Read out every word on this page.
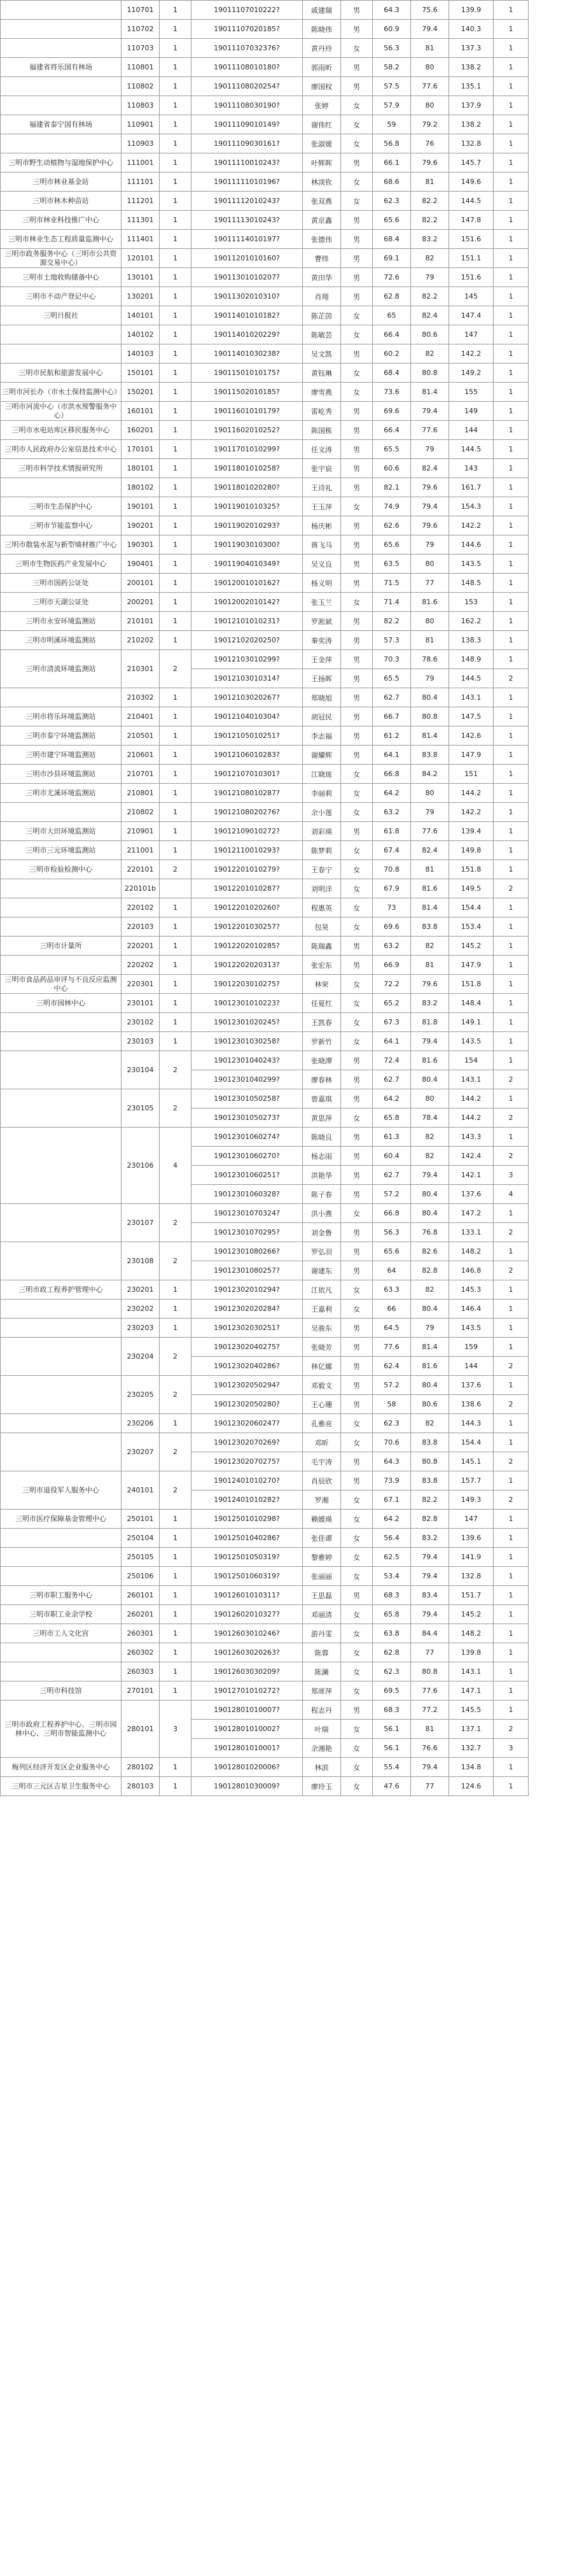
	110701	1	19011107010222?	戚建瑞	男	64.3	75.6	139.9	1
	110702	1	19011107020185?	陈晓伟	男	60.9	79.4	140.3	1
	110703	1	19011107032376?	黄丹玲	女	56.3	81	137.3	1
福建省将乐国有林场	110801	1	19011108010180?	郭雨昕	男	58.2	80	138.2	1
	110802	1	19011108020254?	廖国权	男	57.5	77.6	135.1	1
	110803	1	19011108030190?	张婷	女	57.9	80	137.9	1
福建省泰宁国有林场	110901	1	19011109010149?	谢伟红	女	59	79.2	138.2	1
	110903	1	19011109030161?	张淑媛	女	56.8	76	132.8	1
三明市野生动植物与湿地保护中心	111001	1	19011110010243?	叶辉晖	男	66.1	79.6	145.7	1
三明市林业基金站	111101	1	19011111010196?	林淡钦	女	68.6	81	149.6	1
三明市林木种苗站	111201	1	19011112010243?	张双燕	女	62.3	82.2	144.5	1
三明市林业科技推广中心	111301	1	19011113010243?	黄京鑫	男	65.6	82.2	147.8	1
三明市林业生态工程质量监测中心	111401	1	19011114010197?	张德伟	男	68.4	83.2	151.6	1
三明市政务服务中心（三明市公共资源交易中心）	120101	1	19011201010160?	曹炜	男	69.1	82	151.1	1
三明市土地收购储备中心	130101	1	19011301010207?	黄田华	男	72.6	79	151.6	1
三明市不动产登记中心	130201	1	19011302010310?	肖翔	男	62.8	82.2	145	1
三明日报社	140101	1	19011401010182?	陈芷茵	女	65	82.4	147.4	1
	140102	1	19011401020229?	陈敏芸	女	66.4	80.6	147	1
	140103	1	19011401030238?	吴文凯	男	60.2	82	142.2	1
三明市民航和旅游发展中心	150101	1	19011501010175?	黄钰琳	女	68.4	80.8	149.2	1
三明市河长办（市水土保持监测中心）	150201	1	19011502010185?	廖雪燕	女	73.6	81.4	155	1
三明市河流中心（市洪水预警服务中心）	160101	1	19011601010179?	雷屹秀	男	69.6	79.4	149	1
三明市水电站库区移民服务中心	160201	1	19011602010252?	陈国栋	男	66.4	77.6	144	1
三明市人民政府办公室信息技术中心	170101	1	19011701010299?	任文涛	男	65.5	79	144.5	1
三明市科学技术情报研究所	180101	1	19011801010258?	张宇宸	男	60.6	82.4	143	1
	180102	1	19011801020280?	王诗礼	男	82.1	79.6	161.7	1
三明市生态保护中心	190101	1	19011901010325?	王玉萍	女	74.9	79.4	154.3	1
三明市节能监察中心	190201	1	19011902010293?	杨庆彬	男	62.6	79.6	142.2	1
三明市散装水泥与新型墙材推广中心	190301	1	19011903010300?	蒋飞马	男	65.6	79	144.6	1
三明市生物医药产业发展中心	190401	1	19011904010349?	吴义良	男	63.5	80	143.5	1
三明市国药公证处	200101	1	19012001010162?	杨义明	男	71.5	77	148.5	1
三明市天湖公证处	200201	1	19012002010142?	张玉兰	女	71.4	81.6	153	1
三明市永安环境监测站	210101	1	19012101010231?	罗淞斌	男	82.2	80	162.2	1
三明市明溪环境监测站	210202	1	19012102020250?	秦奕涛	男	57.3	81	138.3	1
三明市清流环境监测站	210301	2	19012103010299?	王金萍	男	70.3	78.6	148.9	1
			19012103010314?	王扬晖	男	65.5	79	144.5	2
	210302	1	19012103020267?	郑晓旭	男	62.7	80.4	143.1	1
三明市将乐环境监测站	210401	1	19012104010304?	胡冠民	男	66.7	80.8	147.5	1
三明市泰宁环境监测站	210501	1	19012105010251?	李志福	男	61.2	81.4	142.6	1
三明市建宁环境监测站	210601	1	19012106010283?	谢耀辉	男	64.1	83.8	147.9	1
三明市沙县环境监测站	210701	1	19012107010301?	江晓珑	女	66.8	84.2	151	1
三明市尤溪环境监测站	210801	1	19012108010287?	李丽莉	女	64.2	80	144.2	1
	210802	1	19012108020276?	余小莲	女	63.2	79	142.2	1
三明市大田环境监测站	210901	1	19012109010272?	刘彩瑛	男	61.8	77.6	139.4	1
三明市三元环境监测站	211001	1	19012110010293?	陈梦莉	女	67.4	82.4	149.8	1
三明市检验检测中心	220101	2	19012201010279?	王春宁	女	70.8	81	151.8	1
	220101b		19012201010287?	刘明洋	女	67.9	81.6	149.5	2
	220102	1	19012201020260?	程惠英	女	73	81.4	154.4	1
	220103	1	19012201030257?	包昊	女	69.6	83.8	153.4	1
三明市计量所	220201	1	19012202010285?	陈瑞鑫	男	63.2	82	145.2	1
	220202	1	19012202020313?	张宏东	男	66.9	81	147.9	1
三明市食品药品审评与不良反应监测中心	220301	1	19012203010275?	林荣	女	72.2	79.6	151.8	1
三明市园林中心	230101	1	19012301010223?	任夏红	女	65.2	83.2	148.4	1
	230102	1	19012301020245?	王凯春	女	67.3	81.8	149.1	1
	230103	1	19012301030258?	罗新竹	女	64.1	79.4	143.5	1
	230104	2	19012301040243?	张晓潭	男	72.4	81.6	154	1
			19012301040299?	廖春林	男	62.7	80.4	143.1	2
	230105	2	19012301050258?	曾嘉琪	男	64.2	80	144.2	1
			19012301050273?	黄思萍	女	65.8	78.4	144.2	2
	230106	4	19012301060274?	陈晓良	男	61.3	82	143.3	1
			19012301060270?	杨志雨	男	60.4	82	142.4	2
			19012301060251?	洪艳华	男	62.7	79.4	142.1	3
			19012301060328?	陈子春	男	57.2	80.4	137.6	4
	230107	2	19012301070324?	洪小燕	女	66.8	80.4	147.2	1
			19012301070295?	刘金鲁	男	56.3	76.8	133.1	2
	230108	2	19012301080266?	罗弘羽	男	65.6	82.6	148.2	1
			19012301080257?	谢建东	男	64	82.8	146.8	2
三明市政工程养护管理中心	230201	1	19012302010294?	江依凡	女	63.3	82	145.3	1
	230202	1	19012302020284?	王嘉利	女	66	80.4	146.4	1
	230203	1	19012302030251?	吴骏东	男	64.5	79	143.5	1
	230204	2	19012302040275?	张晓芳	男	77.6	81.4	159	1
			19012302040286?	林亿娜	男	62.4	81.6	144	2
	230205	2	19012302050294?	邓毅文	男	57.2	80.4	137.6	1
			19012302050280?	王心珊	男	58	80.6	138.6	2
	230206	1	19012302060247?	孔雅亮	女	62.3	82	144.3	1
	230207	2	19012302070269?	邓昕	女	70.6	83.8	154.4	1
			19012302070275?	毛宇涛	男	64.3	80.8	145.1	2
三明市退役军人服务中心	240101	2	19012401010270?	肖辰欣	男	73.9	83.8	157.7	1
			19012401010282?	罗湘	女	67.1	82.2	149.3	2
三明市医疗保障基金管理中心	250101	1	19012501010298?	赖媛瑛	女	64.2	82.8	147	1
	250104	1	19012501040286?	张佳谭	女	56.4	83.2	139.6	1
	250105	1	19012501050319?	黎雅婷	女	62.5	79.4	141.9	1
	250106	1	19012501060319?	张丽丽	女	53.4	79.4	132.8	1
三明市职工服务中心	260101	1	19012601010311?	王思磊	男	68.3	83.4	151.7	1
三明市职工业余学校	260201	1	19012602010327?	邓丽清	女	65.8	79.4	145.2	1
三明市工人文化宫	260301	1	19012603010246?	游丹雯	女	63.8	84.4	148.2	1
	260302	1	19012603020263?	陈蓉	女	62.8	77	139.8	1
	260303	1	19012603030209?	陈澜	女	62.3	80.8	143.1	1
三明市科技馆	270101	1	19012701010272?	郑席萍	女	69.5	77.6	147.1	1
三明市政府工程养护中心、三明市园林中心、三明市智能监测中心	280101	3	19012801010007?	程志丹	男	68.3	77.2	145.5	1
			19012801010002?	叶瑞	女	56.1	81	137.1	2
			19012801010001?	余湘艳	女	56.1	76.6	132.7	3
梅列区经济开发区企业服务中心	280102	1	19012801020006?	林滨	女	55.4	79.4	134.8	1
三明市三元区吉星卫生服务中心	280103	1	19012801030009?	廖玲玉	女	47.6	77	124.6	1
